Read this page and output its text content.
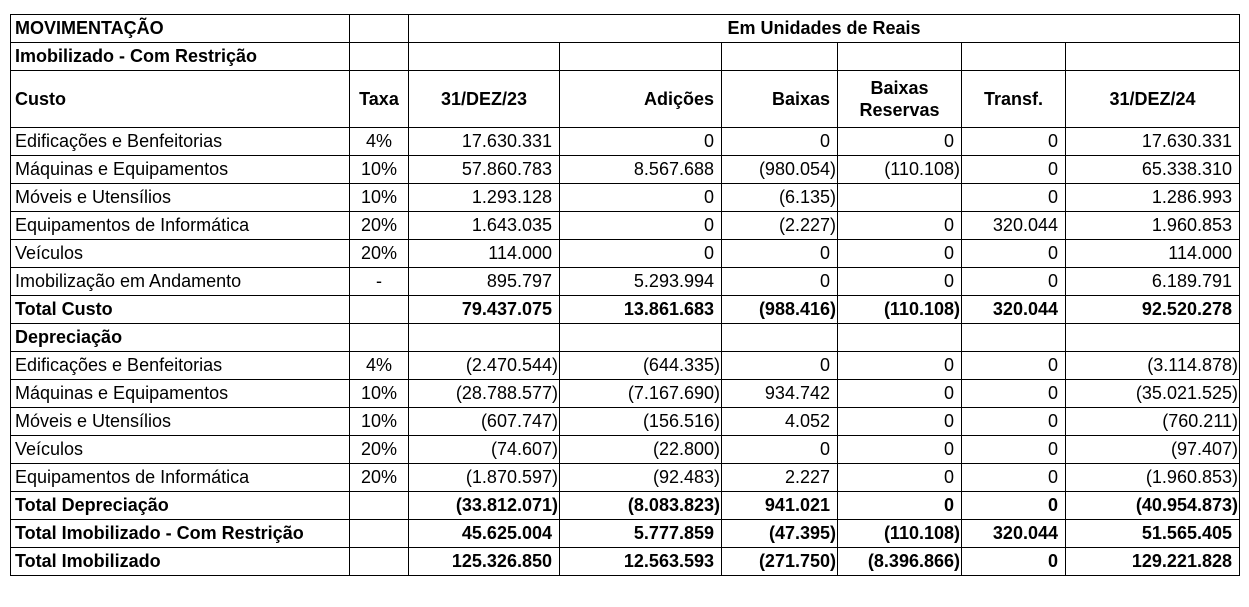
MOVIMENTAÇÃO		Em Unidades de Reais					
Imobilizado - Com Restrição							
Custo	Taxa	31/DEZ/23	Adições	Baixas	Baixas Reservas	Transf.	31/DEZ/24
Edificações e Benfeitorias	4%	17.630.331	0	0	0	0	17.630.331
Máquinas e Equipamentos	10%	57.860.783	8.567.688	(980.054)	(110.108)	0	65.338.310
Móveis e Utensílios	10%	1.293.128	0	(6.135)		0	1.286.993
Equipamentos de Informática	20%	1.643.035	0	(2.227)	0	320.044	1.960.853
Veículos	20%	114.000	0	0	0	0	114.000
Imobilização em Andamento	-	895.797	5.293.994	0	0	0	6.189.791
Total Custo		79.437.075	13.861.683	(988.416)	(110.108)	320.044	92.520.278
Depreciação							
Edificações e Benfeitorias	4%	(2.470.544)	(644.335)	0	0	0	(3.114.878)
Máquinas e Equipamentos	10%	(28.788.577)	(7.167.690)	934.742	0	0	(35.021.525)
Móveis e Utensílios	10%	(607.747)	(156.516)	4.052	0	0	(760.211)
Veículos	20%	(74.607)	(22.800)	0	0	0	(97.407)
Equipamentos de Informática	20%	(1.870.597)	(92.483)	2.227	0	0	(1.960.853)
Total Depreciação		(33.812.071)	(8.083.823)	941.021	0	0	(40.954.873)
Total Imobilizado - Com Restrição		45.625.004	5.777.859	(47.395)	(110.108)	320.044	51.565.405
Total Imobilizado		125.326.850	12.563.593	(271.750)	(8.396.866)	0	129.221.828
